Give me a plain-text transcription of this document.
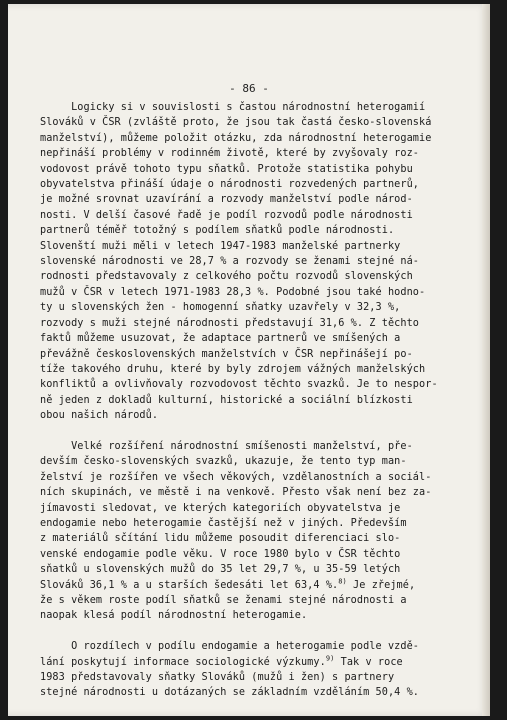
- 86 -
Logicky si v souvislosti s častou národnostní heterogamií
Slováků v ČSR (zvláště proto, že jsou tak častá česko-slovenská
manželství), můžeme položit otázku, zda národnostní heterogamie
nepřináší problémy v rodinném životě, které by zvyšovaly roz-
vodovost právě tohoto typu sňatků. Protože statistika pohybu
obyvatelstva přináší údaje o národnosti rozvedených partnerů,
je možné srovnat uzavírání a rozvody manželství podle národ-
nosti. V delší časové řadě je podíl rozvodů podle národnosti
partnerů téměř totožný s podílem sňatků podle národnosti.
Slovenští muži měli v letech 1947-1983 manželské partnerky
slovenské národnosti ve 28,7 % a rozvody se ženami stejné ná-
rodnosti představovaly z celkového počtu rozvodů slovenských
mužů v ČSR v letech 1971-1983 28,3 %. Podobné jsou také hodno-
ty u slovenských žen - homogenní sňatky uzavřely v 32,3 %,
rozvody s muži stejné národnosti představují 31,6 %. Z těchto
faktů můžeme usuzovat, že adaptace partnerů ve smíšených a
převážně československých manželstvích v ČSR nepřinášejí po-
tíže takového druhu, které by byly zdrojem vážných manželských
konfliktů a ovlivňovaly rozvodovost těchto svazků. Je to nespor-
ně jeden z dokladů kulturní, historické a sociální blízkosti
obou našich národů.
Velké rozšíření národnostní smíšenosti manželství, pře-
devším česko-slovenských svazků, ukazuje, že tento typ man-
želství je rozšířen ve všech věkových, vzdělanostních a sociál-
ních skupinách, ve městě i na venkově. Přesto však není bez za-
jímavosti sledovat, ve kterých kategoriích obyvatelstva je
endogamie nebo heterogamie častější než v jiných. Především
z materiálů sčítání lidu můžeme posoudit diferenciaci slo-
venské endogamie podle věku. V roce 1980 bylo v ČSR těchto
sňatků u slovenských mužů do 35 let 29,7 %, u 35-59 letých
Slováků 36,1 % a u starších šedesáti let 63,4 %.$^{8)}$ Je zřejmé,
že s věkem roste podíl sňatků se ženami stejné národnosti a
naopak klesá podíl národnostní heterogamie.
O rozdílech v podílu endogamie a heterogamie podle vzdě-
lání poskytují informace sociologické výzkumy.$^{9)}$ Tak v roce
1983 představovaly sňatky Slováků (mužů i žen) s partnery
stejné národnosti u dotázaných se základním vzděláním 50,4 %.
